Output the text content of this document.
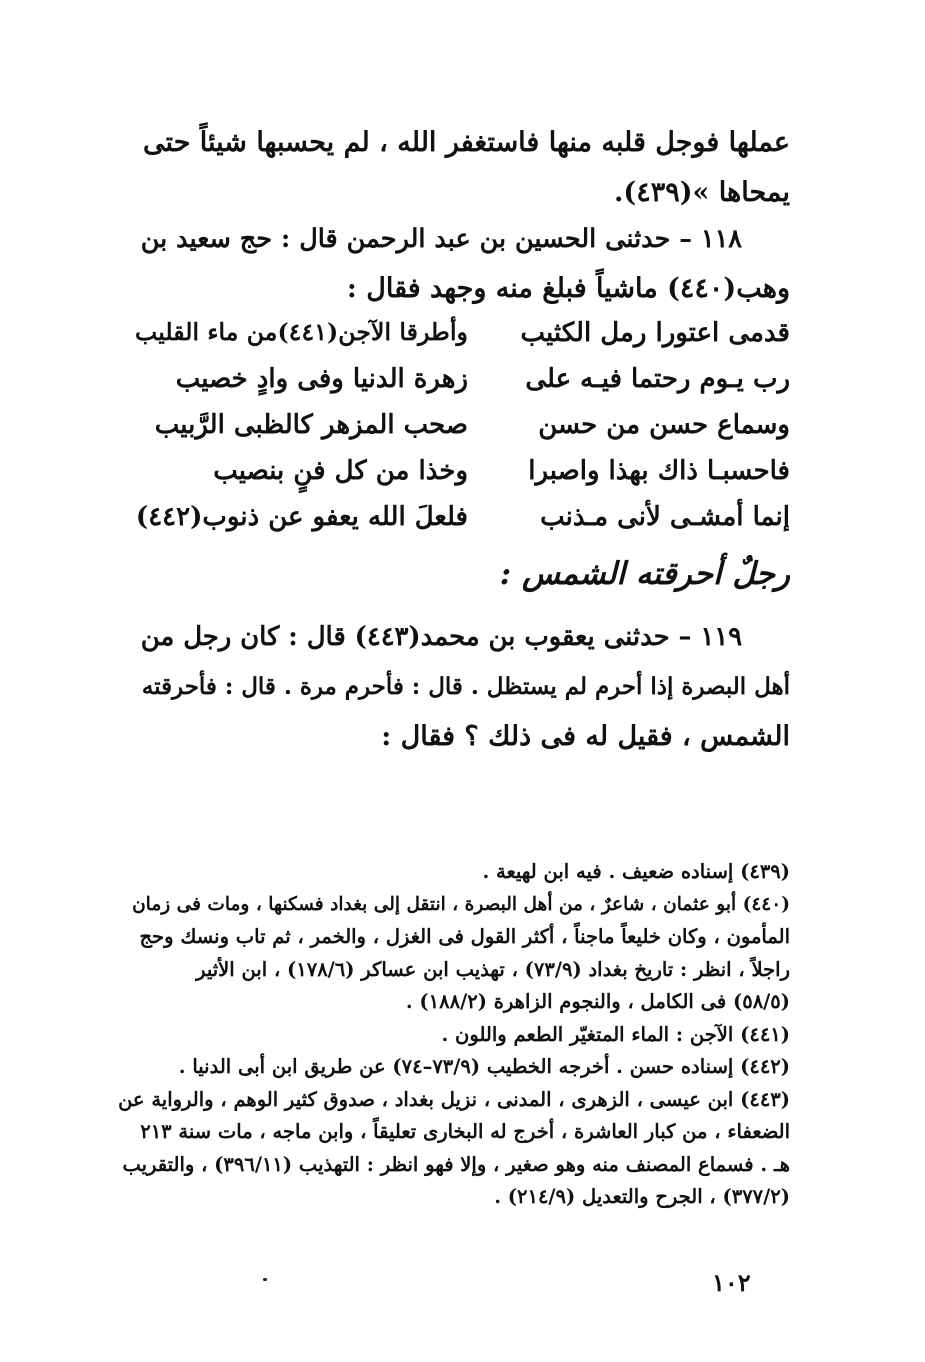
عملها فوجل قلبه منها فاستغفر الله ، لم يحسبها شيئاً حتى
يمحاها »(٤٣٩).
١١٨ – حدثنى الحسين بن عبد الرحمن قال : حج سعيد بن
وهب(٤٤٠) ماشياً فبلغ منه وجهد فقال :
قدمى اعتورا رمل الكثيب
وأطرقا الآجن(٤٤١)من ماء القليب
رب يـوم رحتما فيـه على
زهرة الدنيا وفى وادٍ خصيب
وسماع حسن من حسن
صحب المزهر كالظبى الرَّبيب
فاحسبـا ذاك بهذا واصبرا
وخذا من كل فنٍ بنصيب
إنما أمشـى لأنى مـذنب
فلعلَ الله يعفو عن ذنوب(٤٤٢)
رجلٌ أحرقته الشمس :
١١٩ – حدثنى يعقوب بن محمد(٤٤٣) قال : كان رجل من
أهل البصرة إذا أحرم لم يستظل . قال : فأحرم مرة . قال : فأحرقته
الشمس ، فقيل له فى ذلك ؟ فقال :
(٤٣٩) إسناده ضعيف . فيه ابن لهيعة .
(٤٤٠) أبو عثمان ، شاعرٌ ، من أهل البصرة ، انتقل إلى بغداد فسكنها ، ومات فى زمان
المأمون ، وكان خليعاً ماجناً ، أكثر القول فى الغزل ، والخمر ، ثم تاب ونسك وحج
راجلاً ، انظر : تاريخ بغداد (٧٣/٩) ، تهذيب ابن عساكر (١٧٨/٦) ، ابن الأثير
(٥٨/٥) فى الكامل ، والنجوم الزاهرة (١٨٨/٢) .
(٤٤١) الآجن : الماء المتغيّر الطعم واللون .
(٤٤٢) إسناده حسن . أخرجه الخطيب (٧٣/٩–٧٤) عن طريق ابن أبى الدنيا .
(٤٤٣) ابن عيسى ، الزهرى ، المدنى ، نزيل بغداد ، صدوق كثير الوهم ، والرواية عن
الضعفاء ، من كبار العاشرة ، أخرج له البخارى تعليقاً ، وابن ماجه ، مات سنة ٢١٣
هـ . فسماع المصنف منه وهو صغير ، وإلا فهو انظر : التهذيب (٣٩٦/١١) ، والتقريب
(٣٧٧/٢) ، الجرح والتعديل (٢١٤/٩) .
١٠٢
